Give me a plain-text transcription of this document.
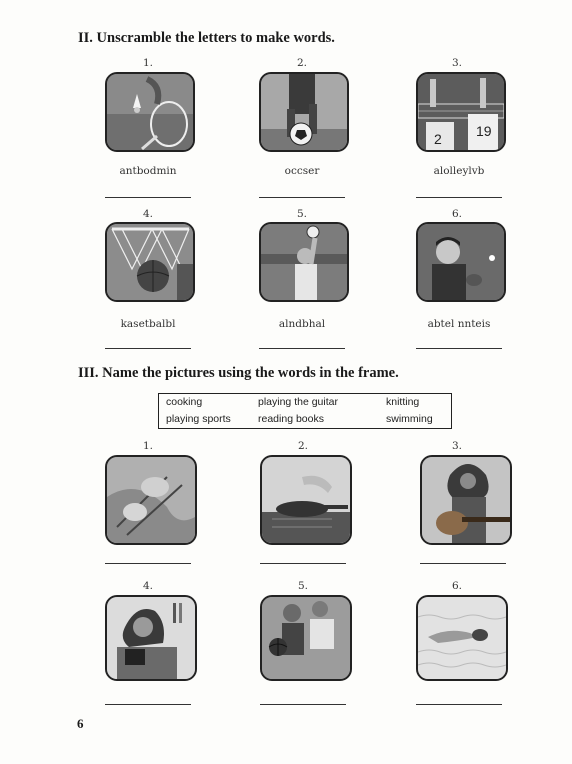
II. Unscramble the letters to make words.
1.
antbodmin
2.
occser
3.
2 19
alolleylvb
4.
kasetbalbl
5.
alndbhal
6.
abtel nnteis
III. Name the pictures using the words in the frame.
cooking	playing the guitar	knitting
playing sports	reading books	swimming
1.	2.	3.
4.	5.	6.
6
